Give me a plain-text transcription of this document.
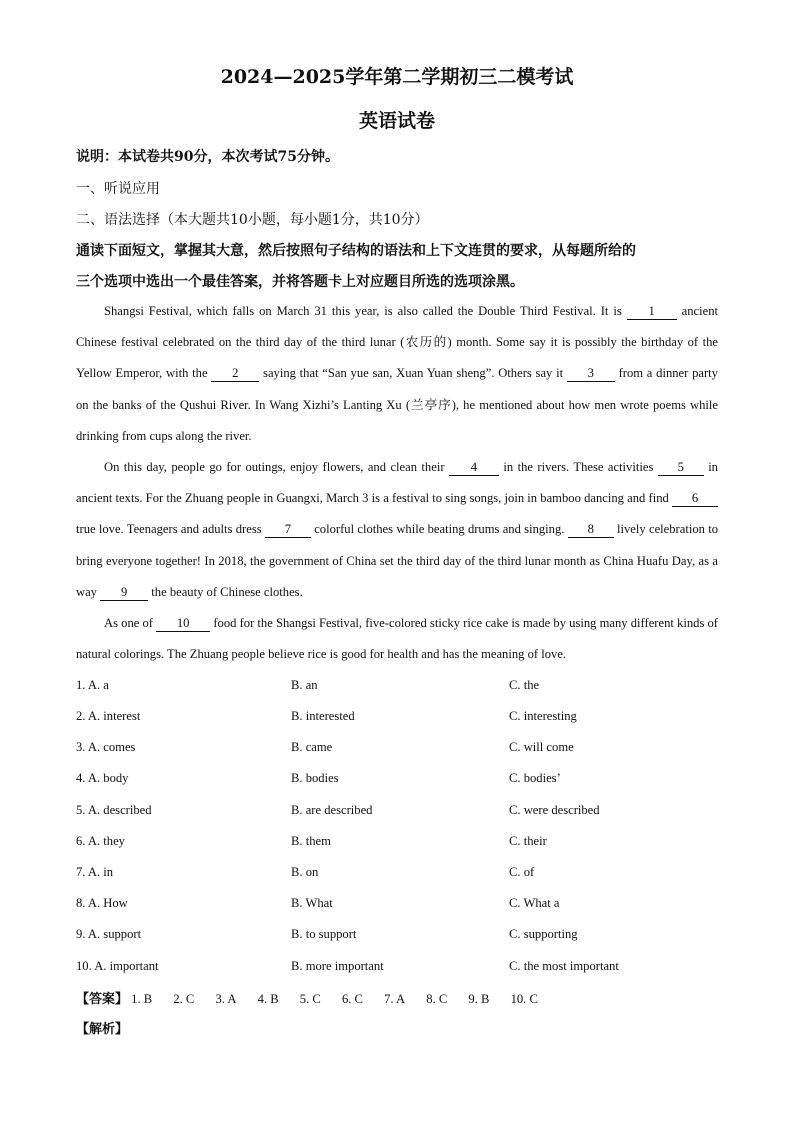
2024—2025学年第二学期初三二模考试
英语试卷
说明：本试卷共90分，本次考试75分钟。
一、听说应用
二、语法选择（本大题共10小题，每小题1分，共10分）
通读下面短文，掌握其大意，然后按照句子结构的语法和上下文连贯的要求，从每题所给的
三个选项中选出一个最佳答案，并将答题卡上对应题目所选的选项涂黑。

Shangsi Festival, which falls on March 31 this year, is also called the Double Third Festival. It is 1 ancient Chinese festival celebrated on the third day of the third lunar (农历的) month. Some say it is possibly the birthday of the Yellow Emperor, with the 2 saying that “San yue san, Xuan Yuan sheng”. Others say it 3 from a dinner party on the banks of the Qushui River. In Wang Xizhi’s Lanting Xu (兰亭序), he mentioned about how men wrote poems while drinking from cups along the river.

On this day, people go for outings, enjoy flowers, and clean their 4 in the rivers. These activities 5 in ancient texts. For the Zhuang people in Guangxi, March 3 is a festival to sing songs, join in bamboo dancing and find 6 true love. Teenagers and adults dress 7 colorful clothes while beating drums and singing. 8 lively celebration to bring everyone together! In 2018, the government of China set the third day of the third lunar month as China Huafu Day, as a way 9 the beauty of Chinese clothes.

As one of 10 food for the Shangsi Festival, five-colored sticky rice cake is made by using many different kinds of natural colorings. The Zhuang people believe rice is good for health and has the meaning of love.

1. A. a	B. an	C. the
2. A. interest	B. interested	C. interesting
3. A. comes	B. came	C. will come
4. A. body	B. bodies	C. bodies’
5. A. described	B. are described	C. were described
6. A. they	B. them	C. their
7. A. in	B. on	C. of
8. A. How	B. What	C. What a
9. A. support	B. to support	C. supporting
10. A. important	B. more important	C. the most important
【答案】 1. B 2. C 3. A 4. B 5. C 6. C 7. A 8. C 9. B 10. C
【解析】
